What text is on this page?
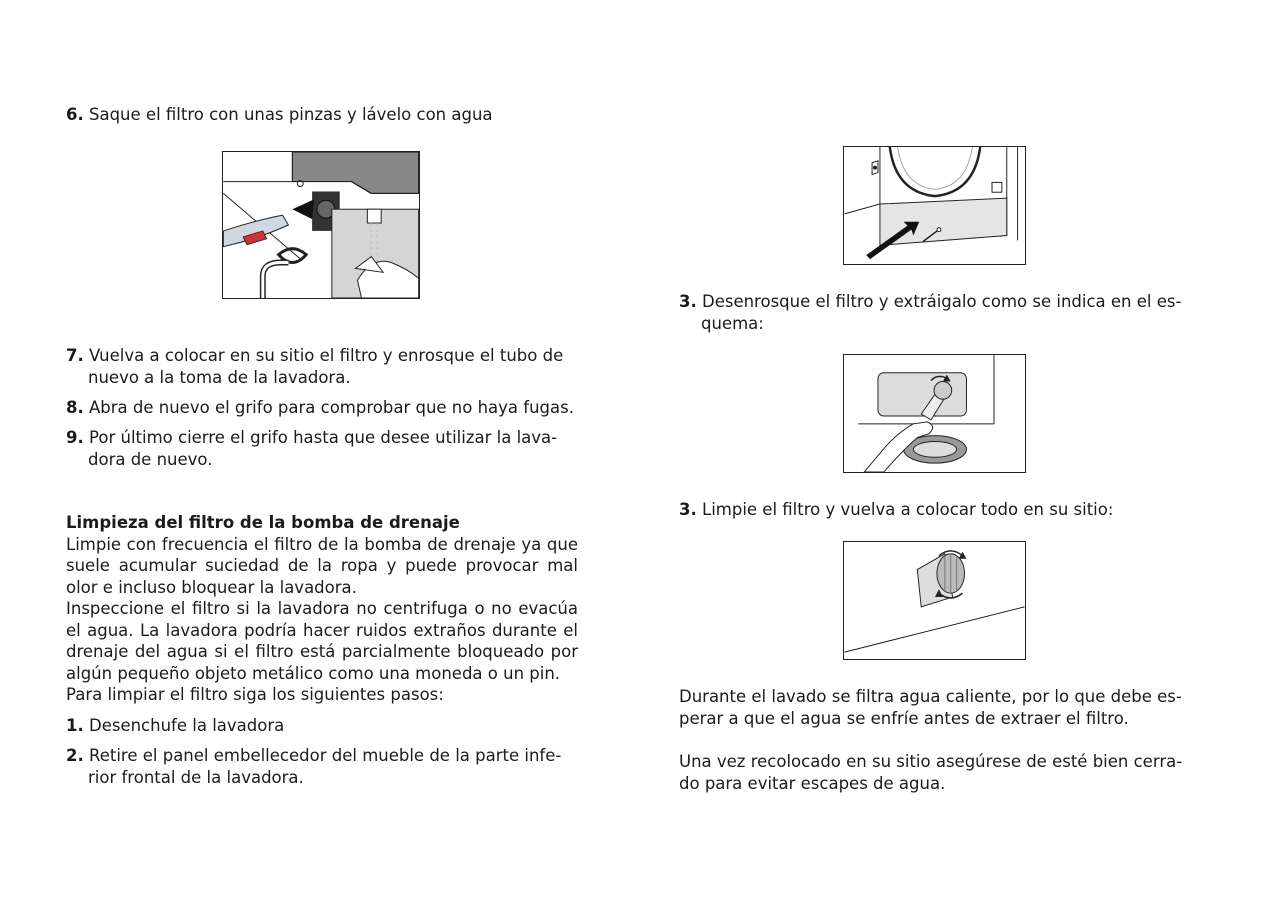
6. Saque el filtro con unas pinzas y lávelo con agua
7. Vuelva a colocar en su sitio el filtro y enrosque el tubo de
nuevo a la toma de la lavadora.
8. Abra de nuevo el grifo para comprobar que no haya fugas.
9. Por último cierre el grifo hasta que desee utilizar la lava-
dora de nuevo.
Limpieza del filtro de la bomba de drenaje
Limpie con frecuencia el filtro de la bomba de drenaje ya que suele acumular suciedad de la ropa y puede provocar mal olor e incluso bloquear la lavadora.
Inspeccione el filtro si la lavadora no centrifuga o no evacúa el agua. La lavadora podría hacer ruidos extraños durante el drenaje del agua si el filtro está parcialmente bloqueado por algún pequeño objeto metálico como una moneda o un pin.
Para limpiar el filtro siga los siguientes pasos:
1. Desenchufe la lavadora
2. Retire el panel embellecedor del mueble de la parte infe-
rior frontal de la lavadora.
3. Desenrosque el filtro y extráigalo como se indica en el es-
quema:
3. Limpie el filtro y vuelva a colocar todo en su sitio:
Durante el lavado se filtra agua caliente, por lo que debe es-
perar a que el agua se enfríe antes de extraer el filtro.
Una vez recolocado en su sitio asegúrese de esté bien cerra-
do para evitar escapes de agua.
